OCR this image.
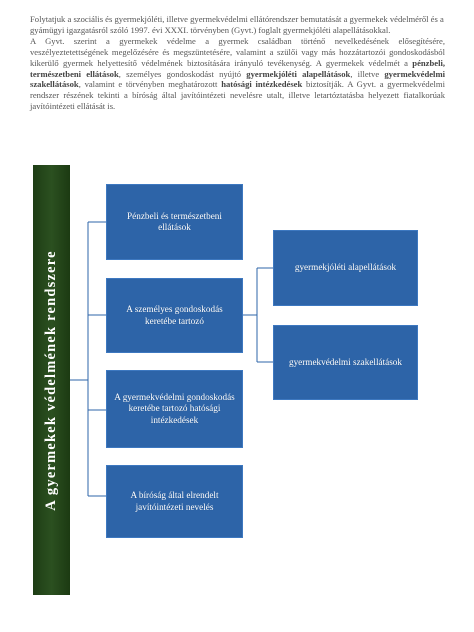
Folytatjuk a szociális és gyermekjóléti, illetve gyermekvédelmi ellátórendszer bemutatását a gyermekek védelméről és a gyámügyi igazgatásról szóló 1997. évi XXXI. törvényben (Gyvt.) foglalt gyermekjóléti alapellátásokkal.

A Gyvt. szerint a gyermekek védelme a gyermek családban történő nevelkedésének elősegítésére, veszélyeztetettségének megelőzésére és megszüntetésére, valamint a szülői vagy más hozzátartozói gondoskodásból kikerülő gyermek helyettesítő védelmének biztosítására irányuló tevékenység. A gyermekek védelmét a pénzbeli, természetbeni ellátások, személyes gondoskodást nyújtó gyermekjóléti alapellátások, illetve gyermekvédelmi szakellátások, valamint e törvényben meghatározott hatósági intézkedések biztosítják. A Gyvt. a gyermekvédelmi rendszer részének tekinti a bíróság által javítóintézeti nevelésre utalt, illetve letartóztatásba helyezett fiatalkorúak javítóintézeti ellátását is.

A gyermekek védelmének rendszere
Pénzbeli és természetbeni ellátások
A személyes gondoskodás keretébe tartozó
A gyermekvédelmi gondoskodás keretébe tartozó hatósági intézkedések
A bíróság által elrendelt javítóintézeti nevelés
gyermekjóléti alapellátások
gyermekvédelmi szakellátások
